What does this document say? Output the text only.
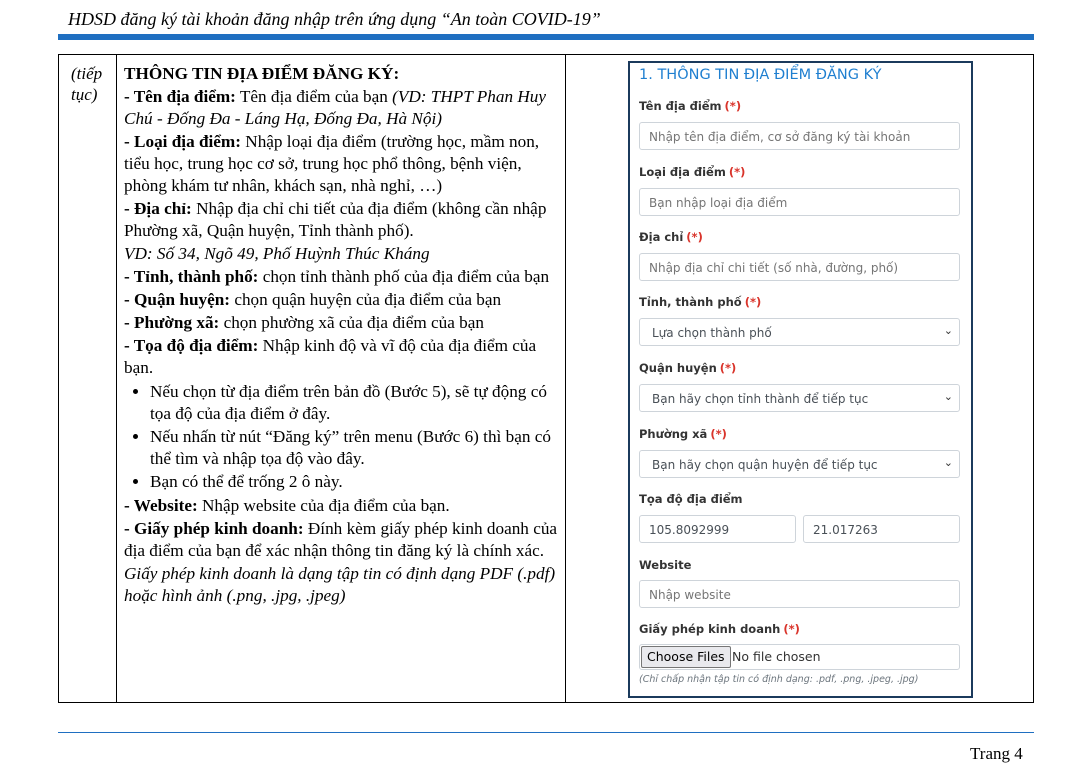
HDSD đăng ký tài khoản đăng nhập trên ứng dụng “An toàn COVID-19”
(tiếp tục)

THÔNG TIN ĐỊA ĐIỂM ĐĂNG KÝ:

- Tên địa điểm: Tên địa điểm của bạn (VD: THPT Phan Huy Chú - Đống Đa - Láng Hạ, Đống Đa, Hà Nội)

- Loại địa điểm: Nhập loại địa điểm (trường học, mầm non, tiểu học, trung học cơ sở, trung học phổ thông, bệnh viện, phòng khám tư nhân, khách sạn, nhà nghỉ, …)

- Địa chỉ: Nhập địa chỉ chi tiết của địa điểm (không cần nhập Phường xã, Quận huyện, Tỉnh thành phố).

VD: Số 34, Ngõ 49, Phố Huỳnh Thúc Kháng

- Tỉnh, thành phố: chọn tỉnh thành phố của địa điểm của bạn

- Quận huyện: chọn quận huyện của địa điểm của bạn

- Phường xã: chọn phường xã của địa điểm của bạn

- Tọa độ địa điểm: Nhập kinh độ và vĩ độ của địa điểm của bạn.

• Nếu chọn từ địa điểm trên bản đồ (Bước 5), sẽ tự động có tọa độ của địa điểm ở đây.
• Nếu nhấn từ nút “Đăng ký” trên menu (Bước 6) thì bạn có thể tìm và nhập tọa độ vào đây.
• Bạn có thể để trống 2 ô này.

- Website: Nhập website của địa điểm của bạn.

- Giấy phép kinh doanh: Đính kèm giấy phép kinh doanh của địa điểm của bạn để xác nhận thông tin đăng ký là chính xác.

Giấy phép kinh doanh là dạng tập tin có định dạng PDF (.pdf) hoặc hình ảnh (.png, .jpg, .jpeg)

1. THÔNG TIN ĐỊA ĐIỂM ĐĂNG KÝ
Tên địa điểm (*)
Nhập tên địa điểm, cơ sở đăng ký tài khoản
Loại địa điểm (*)
Bạn nhập loại địa điểm
Địa chỉ (*)
Nhập địa chỉ chi tiết (số nhà, đường, phố)
Tỉnh, thành phố (*)
Lựa chọn thành phố	⌄
Quận huyện (*)
Bạn hãy chọn tỉnh thành để tiếp tục	⌄
Phường xã (*)
Bạn hãy chọn quận huyện để tiếp tục	⌄
Tọa độ địa điểm
105.8092999	21.017263
Website
Nhập website
Giấy phép kinh doanh (*)
Choose Files No file chosen
(Chỉ chấp nhận tập tin có định dạng: .pdf, .png, .jpeg, .jpg)
Trang 4
